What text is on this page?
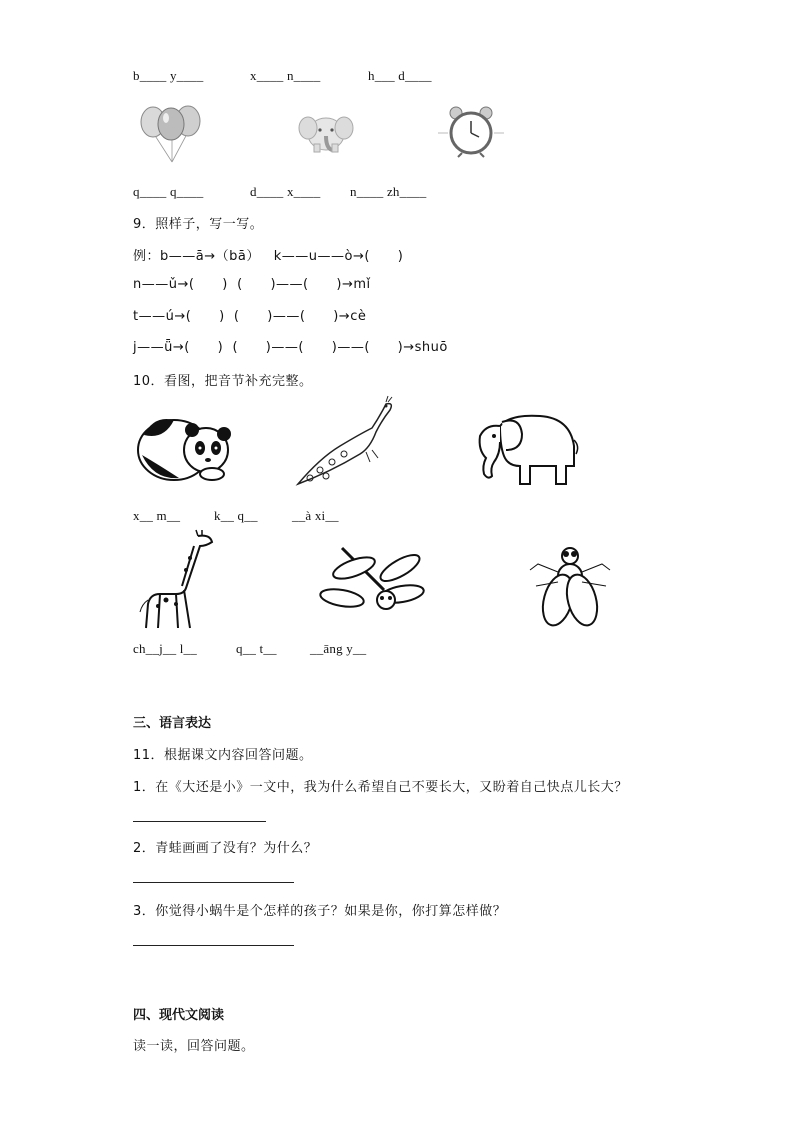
b____ y____	x____ n____	h___ d____
q____ q____	d____ x____ n____ zh____
9．照样子，写一写。
例：b——ā→（bā）   k——u——ò→(      )
n——ǔ→(      )  (      )——(      )→mǐ
t——ú→(      )  (      )——(      )→cè
j——ǖ→(      )  (      )——(      )——(      )→shuō
10．看图，把音节补充完整。
x__ m__	k__ q__	__à xi__
ch__j__ l__	q__ t__	__āng y__
三、语言表达
11．根据课文内容回答问题。
1．在《大还是小》一文中，我为什么希望自己不要长大，又盼着自己快点儿长大？
2．青蛙画画了没有？为什么？
3．你觉得小蜗牛是个怎样的孩子？如果是你，你打算怎样做？
四、现代文阅读
读一读，回答问题。
